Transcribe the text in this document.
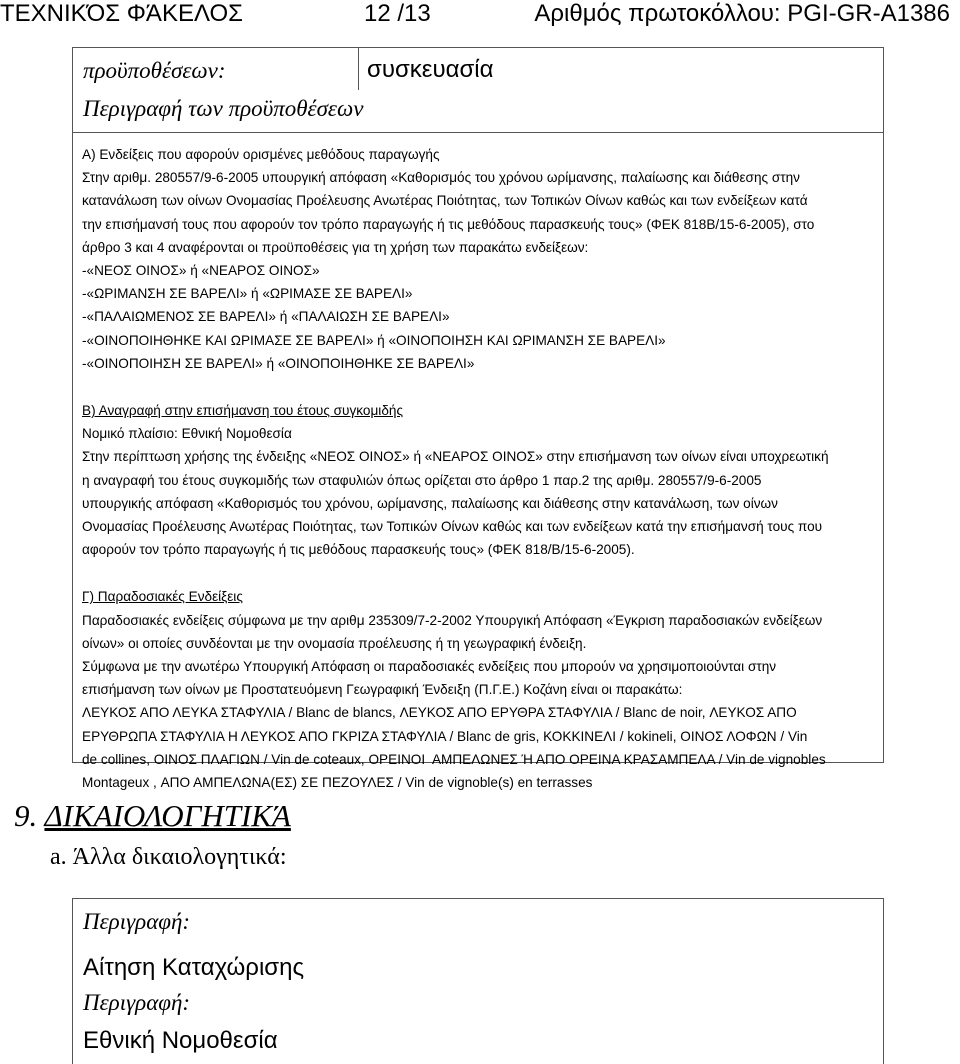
ΤΕΧΝΙΚΌΣ ΦΆΚΕΛΟΣ	12 /13	Αριθμός πρωτοκόλλου: PGI-GR-A1386
προϋποθέσεων:	συσκευασία
Περιγραφή των προϋποθέσεων

Α) Ενδείξεις που αφορούν ορισμένες μεθόδους παραγωγής

Στην αριθμ. 280557/9-6-2005 υπουργική απόφαση «Καθορισμός του χρόνου ωρίμανσης, παλαίωσης και διάθεσης στην

κατανάλωση των οίνων Ονομασίας Προέλευσης Ανωτέρας Ποιότητας, των Τοπικών Οίνων καθώς και των ενδείξεων κατά

την επισήμανσή τους που αφορούν τον τρόπο παραγωγής ή τις μεθόδους παρασκευής τους» (ΦΕΚ 818Β/15-6-2005), στο

άρθρο 3 και 4 αναφέρονται οι προϋποθέσεις για τη χρήση των παρακάτω ενδείξεων:

-«ΝΕΟΣ ΟΙΝΟΣ» ή «ΝΕΑΡΟΣ ΟΙΝΟΣ»

-«ΩΡΙΜΑΝΣΗ ΣΕ ΒΑΡΕΛΙ» ή «ΩΡΙΜΑΣΕ ΣΕ ΒΑΡΕΛΙ»

-«ΠΑΛΑΙΩΜΕΝΟΣ ΣΕ ΒΑΡΕΛΙ» ή «ΠΑΛΑΙΩΣΗ ΣΕ ΒΑΡΕΛΙ»

-«ΟΙΝΟΠΟΙΗΘΗΚΕ ΚΑΙ ΩΡΙΜΑΣΕ ΣΕ ΒΑΡΕΛΙ» ή «ΟΙΝΟΠΟΙΗΣΗ ΚΑΙ ΩΡΙΜΑΝΣΗ ΣΕ ΒΑΡΕΛΙ»

-«ΟΙΝΟΠΟΙΗΣΗ ΣΕ ΒΑΡΕΛΙ» ή «ΟΙΝΟΠΟΙΗΘΗΚΕ ΣΕ ΒΑΡΕΛΙ»

Β) Αναγραφή στην επισήμανση του έτους συγκομιδής

Νομικό πλαίσιο: Εθνική Νομοθεσία

Στην περίπτωση χρήσης της ένδειξης «ΝΕΟΣ ΟΙΝΟΣ» ή «ΝΕΑΡΟΣ ΟΙΝΟΣ» στην επισήμανση των οίνων είναι υποχρεωτική

η αναγραφή του έτους συγκομιδής των σταφυλιών όπως ορίζεται στο άρθρο 1 παρ.2 της αριθμ. 280557/9-6-2005

υπουργικής απόφαση «Καθορισμός του χρόνου, ωρίμανσης, παλαίωσης και διάθεσης στην κατανάλωση, των οίνων

Ονομασίας Προέλευσης Ανωτέρας Ποιότητας, των Τοπικών Οίνων καθώς και των ενδείξεων κατά την επισήμανσή τους που

αφορούν τον τρόπο παραγωγής ή τις μεθόδους παρασκευής τους» (ΦΕΚ 818/Β/15-6-2005).

Γ) Παραδοσιακές Ενδείξεις

Παραδοσιακές ενδείξεις σύμφωνα με την αριθμ 235309/7-2-2002 Υπουργική Απόφαση «Έγκριση παραδοσιακών ενδείξεων

οίνων» οι οποίες συνδέονται με την ονομασία προέλευσης ή τη γεωγραφική ένδειξη.

Σύμφωνα με την ανωτέρω Υπουργική Απόφαση οι παραδοσιακές ενδείξεις που μπορούν να χρησιμοποιούνται στην

επισήμανση των οίνων με Προστατευόμενη Γεωγραφική Ένδειξη (Π.Γ.Ε.) Κοζάνη είναι οι παρακάτω:

ΛΕΥΚΟΣ ΑΠΟ ΛΕΥΚΑ ΣΤΑΦΥΛΙΑ / Blanc de blancs, ΛΕΥΚΟΣ ΑΠΟ ΕΡΥΘΡΑ ΣΤΑΦΥΛΙΑ / Blanc de noir, ΛΕΥΚΟΣ ΑΠΟ

ΕΡΥΘΡΩΠΑ ΣΤΑΦΥΛΙΑ Η ΛΕΥΚΟΣ ΑΠΟ ΓΚΡΙΖΑ ΣΤΑΦΥΛΙΑ / Blanc de gris, ΚΟΚΚΙΝΕΛΙ / kokineli, ΟΙΝΟΣ ΛΟΦΩΝ / Vin

de collines, ΟΙΝΟΣ ΠΛΑΓΙΩΝ / Vin de coteaux, ΟΡΕΙΝΟΙ  ΑΜΠΕΛΩΝΕΣ Ή ΑΠΟ ΟΡΕΙΝΑ ΚΡΑΣΑΜΠΕΛΑ / Vin de vignobles

Montageux , ΑΠΟ ΑΜΠΕΛΩΝΑ(ΕΣ) ΣΕ ΠΕΖΟΥΛΕΣ / Vin de vignoble(s) en terrasses

9. ΔΙΚΑΙΟΛΟΓΗΤΙΚΆ
a. Άλλα δικαιολογητικά:
Περιγραφή:
Αίτηση Καταχώρισης
Περιγραφή:
Εθνική Νομοθεσία
